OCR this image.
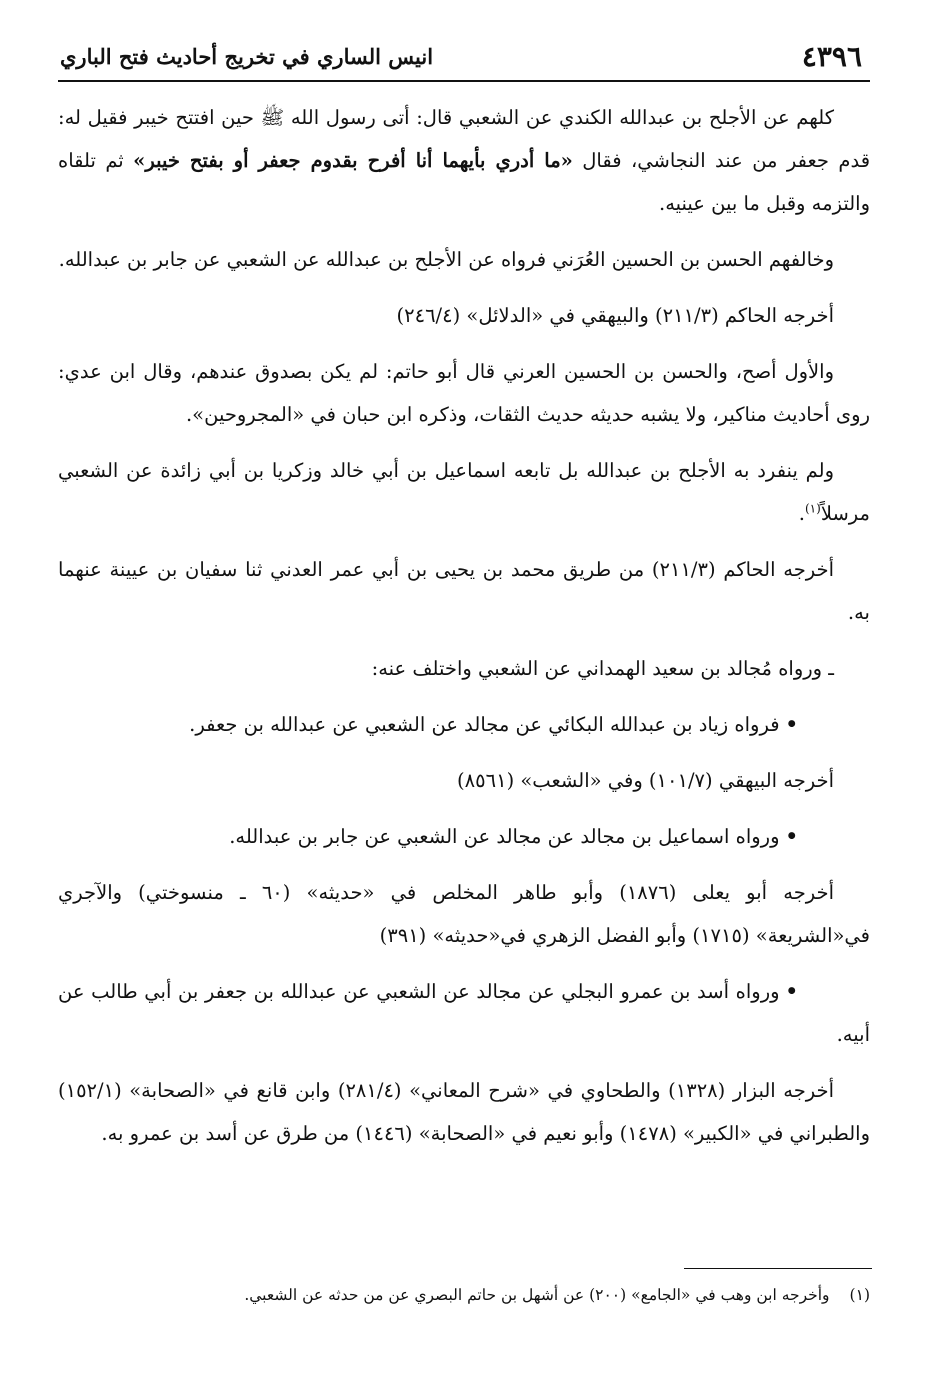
٤٣٩٦
انيس الساري في تخريج أحاديث فتح الباري

كلهم عن الأجلح بن عبدالله الكندي عن الشعبي قال: أتى رسول الله ﷺ حين افتتح خيبر فقيل له: قدم جعفر من عند النجاشي، فقال «ما أدري بأيهما أنا أفرح بقدوم جعفر أو بفتح خيبر» ثم تلقاه والتزمه وقبل ما بين عينيه.

وخالفهم الحسن بن الحسين العُرَني فرواه عن الأجلح بن عبدالله عن الشعبي عن جابر بن عبدالله.

أخرجه الحاكم (٢١١/٣) والبيهقي في «الدلائل» (٢٤٦/٤)

والأول أصح، والحسن بن الحسين العرني قال أبو حاتم: لم يكن بصدوق عندهم، وقال ابن عدي: روى أحاديث مناكير، ولا يشبه حديثه حديث الثقات، وذكره ابن حبان في «المجروحين».

ولم ينفرد به الأجلح بن عبدالله بل تابعه اسماعيل بن أبي خالد وزكريا بن أبي زائدة عن الشعبي مرسلاً$^{(١)}$.

أخرجه الحاكم (٢١١/٣) من طريق محمد بن يحيى بن أبي عمر العدني ثنا سفيان بن عيينة عنهما به.

ـ ورواه مُجالد بن سعيد الهمداني عن الشعبي واختلف عنه:

•فرواه زياد بن عبدالله البكائي عن مجالد عن الشعبي عن عبدالله بن جعفر.

أخرجه البيهقي (١٠١/٧) وفي «الشعب» (٨٥٦١)

•ورواه اسماعيل بن مجالد عن مجالد عن الشعبي عن جابر بن عبدالله.

أخرجه أبو يعلى (١٨٧٦) وأبو طاهر المخلص في «حديثه» (٦٠ ـ منسوختي) والآجري في«الشريعة» (١٧١٥) وأبو الفضل الزهري في«حديثه» (٣٩١)

•ورواه أسد بن عمرو البجلي عن مجالد عن الشعبي عن عبدالله بن جعفر بن أبي طالب عن أبيه.

أخرجه البزار (١٣٢٨) والطحاوي في «شرح المعاني» (٢٨١/٤) وابن قانع في «الصحابة» (١٥٢/١) والطبراني في «الكبير» (١٤٧٨) وأبو نعيم في «الصحابة» (١٤٤٦) من طرق عن أسد بن عمرو به.

(١)وأخرجه ابن وهب في «الجامع» (٢٠٠) عن أشهل بن حاتم البصري عن من حدثه عن الشعبي.
